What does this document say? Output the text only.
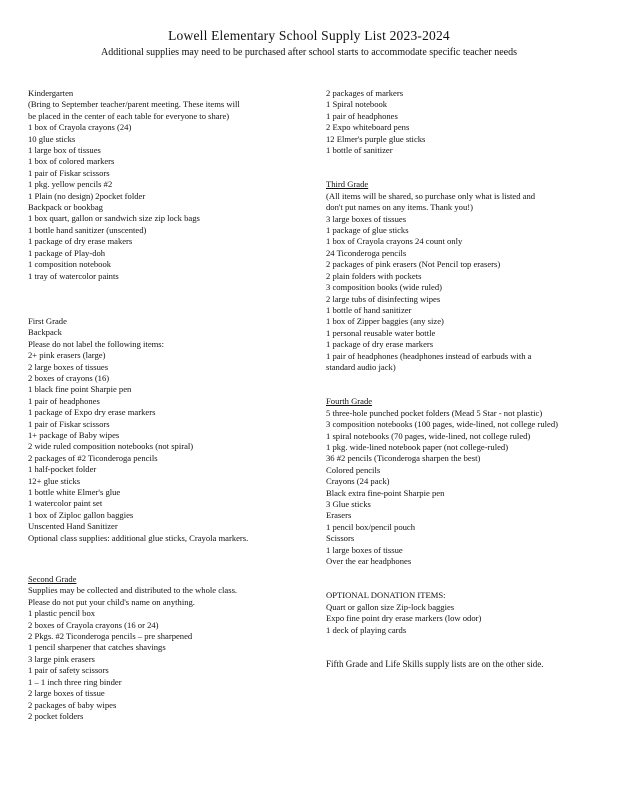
Lowell Elementary School Supply List 2023-2024
Additional supplies may need to be purchased after school starts to accommodate specific teacher needs
Kindergarten
(Bring to September teacher/parent meeting. These items will
be placed in the center of each table for everyone to share)
1 box of Crayola crayons (24)
10 glue sticks
1 large box of tissues
1 box of colored markers
1 pair of Fiskar scissors
1 pkg. yellow pencils #2
1 Plain (no design) 2pocket folder
Backpack or bookbag
1 box quart, gallon or sandwich size zip lock bags
1 bottle hand sanitizer (unscented)
1 package of dry erase makers
1 package of Play-doh
1 composition notebook
1 tray of watercolor paints
First Grade
Backpack
Please do not label the following items:
2+ pink erasers (large)
2 large boxes of tissues
2 boxes of crayons (16)
1 black fine point Sharpie pen
1 pair of headphones
1 package of Expo dry erase markers
1 pair of Fiskar scissors
1+ package of Baby wipes
2 wide ruled composition notebooks (not spiral)
2 packages of #2 Ticonderoga pencils
1 half-pocket folder
12+ glue sticks
1 bottle white Elmer's glue
1 watercolor paint set
1 box of Ziploc gallon baggies
Unscented Hand Sanitizer
Optional class supplies: additional glue sticks, Crayola markers.
Second Grade
Supplies may be collected and distributed to the whole class.
Please do not put your child's name on anything.
1 plastic pencil box
2 boxes of Crayola crayons (16 or 24)
2 Pkgs. #2 Ticonderoga pencils – pre sharpened
1 pencil sharpener that catches shavings
3 large pink erasers
1 pair of safety scissors
1 – 1 inch three ring binder
2 large boxes of tissue
2 packages of baby wipes
2 pocket folders
2 packages of markers
1 Spiral notebook
1 pair of headphones
2 Expo whiteboard pens
12 Elmer's purple glue sticks
1 bottle of sanitizer
Third Grade
(All items will be shared, so purchase only what is listed and
don't put names on any items. Thank you!)
3 large boxes of tissues
1 package of glue sticks
1 box of Crayola crayons 24 count only
24 Ticonderoga pencils
2 packages of pink erasers (Not Pencil top erasers)
2 plain folders with pockets
3 composition books (wide ruled)
2 large tubs of disinfecting wipes
1 bottle of hand sanitizer
1 box of Zipper baggies (any size)
1 personal reusable water bottle
1 package of dry erase markers
1 pair of headphones (headphones instead of earbuds with a
standard audio jack)
Fourth Grade
5 three-hole punched pocket folders (Mead 5 Star - not plastic)
3 composition notebooks (100 pages, wide-lined, not college ruled)
1 spiral notebooks (70 pages, wide-lined, not college ruled)
1 pkg. wide-lined notebook paper (not college-ruled)
36 #2 pencils (Ticonderoga sharpen the best)
Colored pencils
Crayons (24 pack)
Black extra fine-point Sharpie pen
3 Glue sticks
Erasers
1 pencil box/pencil pouch
Scissors
1 large boxes of tissue
Over the ear headphones
OPTIONAL DONATION ITEMS:
Quart or gallon size Zip-lock baggies
Expo fine point dry erase markers (low odor)
1 deck of playing cards
Fifth Grade and Life Skills supply lists are on the other side.
